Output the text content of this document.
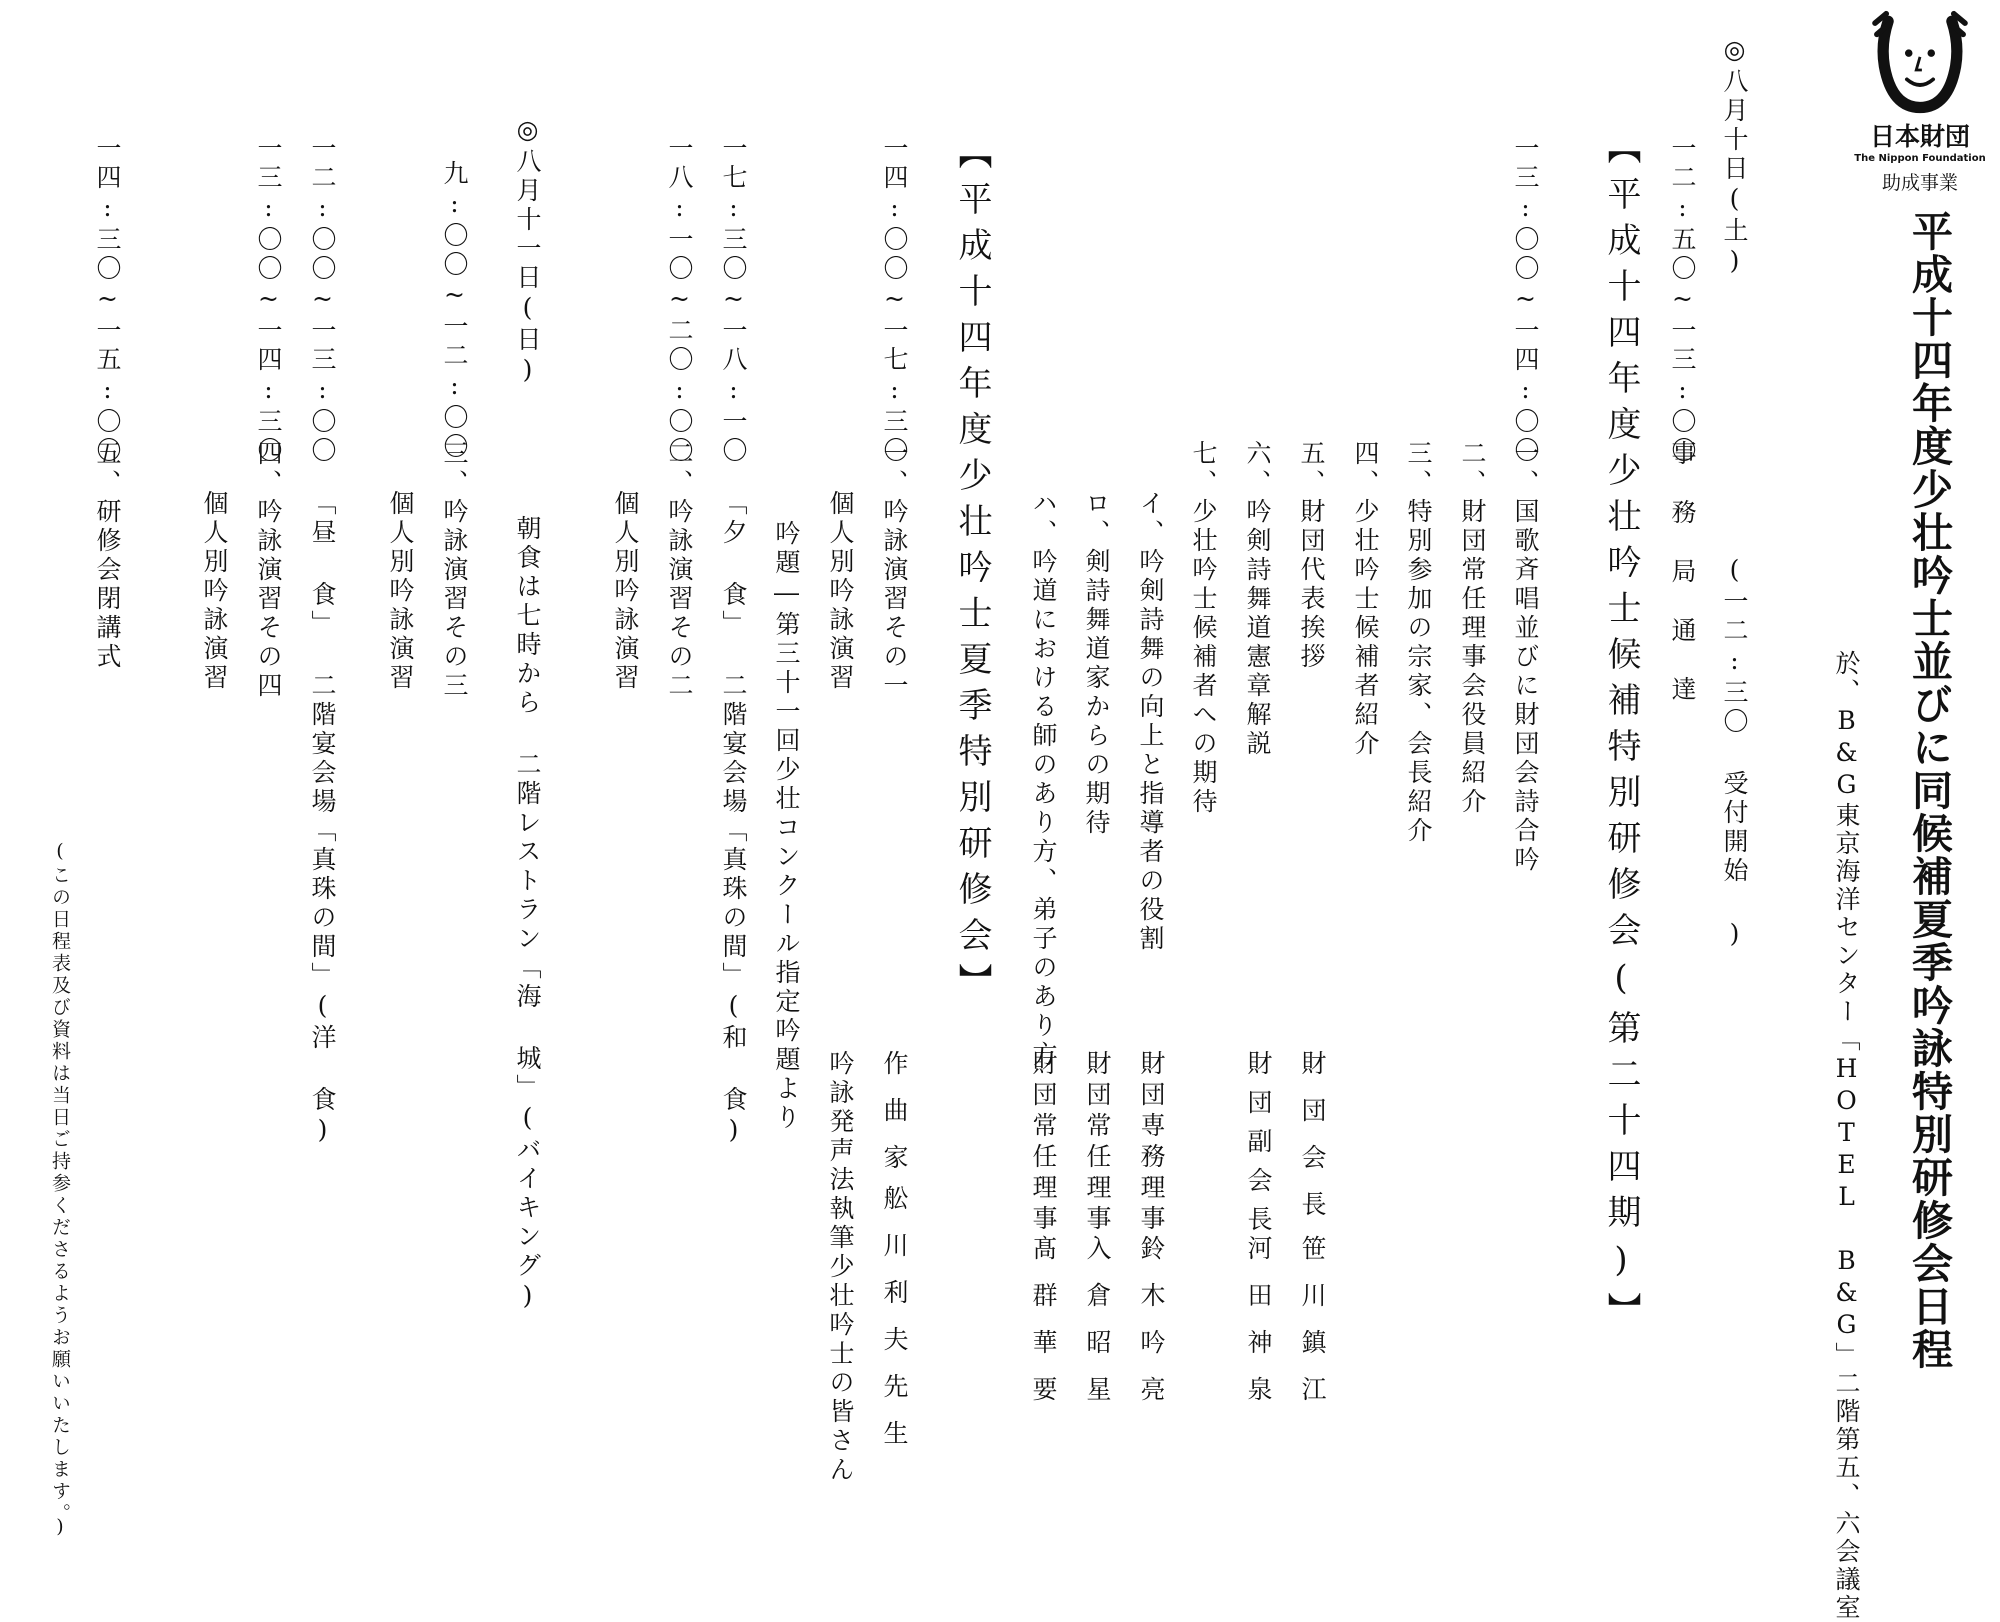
日本財団
The Nippon Foundation
助成事業
平成十四年度少壮吟士並びに同候補夏季吟詠特別研修会日程
於、B&G東京海洋センター「HOTEL B&G」二階第五、六会議室
◎八月十日(土)
(一二:三〇 受付開始 )
一二:五〇~一三:〇〇
事務局通達
【平成十四年度少壮吟士候補特別研修会(第二十四期)】
一三:〇〇~一四:〇〇
一、国歌斉唱並びに財団会詩合吟
二、財団常任理事会役員紹介
三、特別参加の宗家、会長紹介
四、少壮吟士候補者紹介
五、財団代表挨拶
六、吟剣詩舞道憲章解説
七、少壮吟士候補者への期待
イ、吟剣詩舞の向上と指導者の役割
ロ、剣詩舞道家からの期待
ハ、吟道における師のあり方、弟子のあり方
財団会長
笹川鎮江
財団副会長
河田神泉
財団専務理事
鈴木吟亮
財団常任理事
入倉昭星
財団常任理事
髙群華要
【平成十四年度少壮吟士夏季特別研修会】
一四:〇〇~一七:三〇
一、吟詠演習その一
個人別吟詠演習
吟題―第三十一回少壮コンクール指定吟題より
一七:三〇~一八:一〇
「夕 食」 二階宴会場「真珠の間」(和 食)
一八:一〇~二〇:〇〇
二、吟詠演習その二
個人別吟詠演習
作曲家
舩川利夫先生
吟詠発声法執筆少壮吟士の皆さん
◎八月十一日(日)
朝食は七時から 二階レストラン「海 城」(バイキング)
九:〇〇~一二:〇〇
三、吟詠演習その三
個人別吟詠演習
一二:〇〇~一三:〇〇
「昼 食」 二階宴会場「真珠の間」(洋 食)
一三:〇〇~一四:三〇
四、吟詠演習その四
個人別吟詠演習
一四:三〇~一五:〇〇
五、研修会閉講式
(この日程表及び資料は当日ご持参くださるようお願いいたします。)
